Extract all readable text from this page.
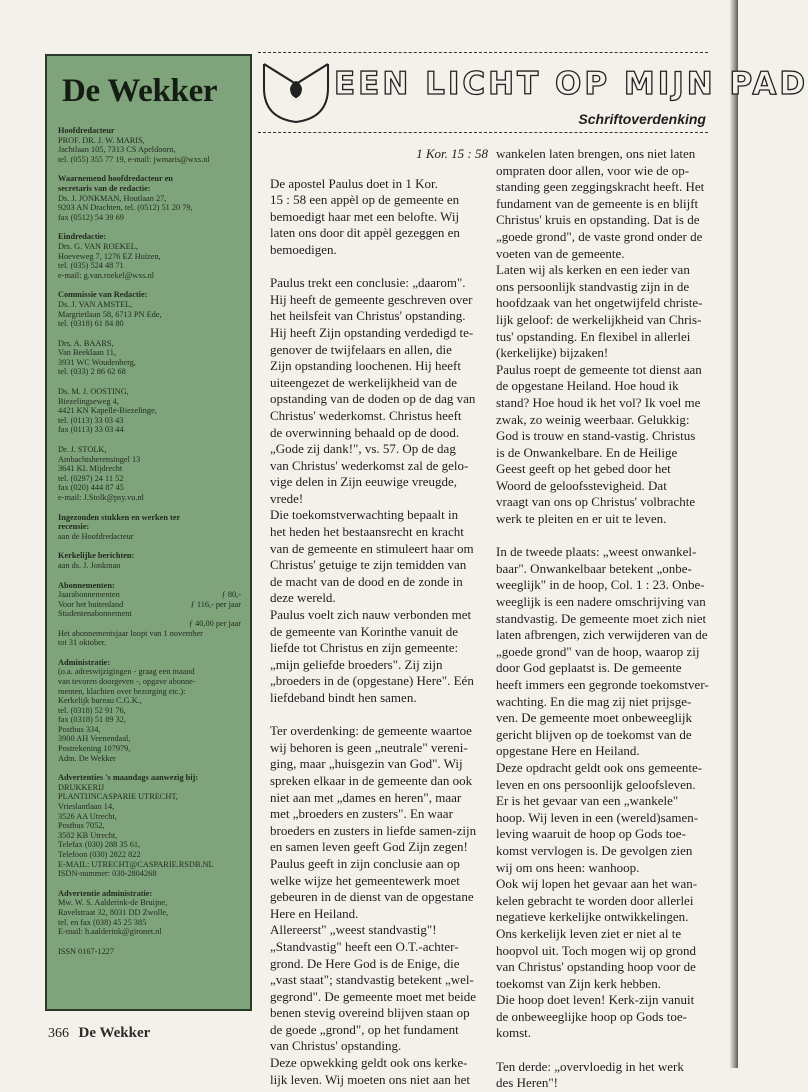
De Wekker
Hoofdredacteur
PROF. DR. J. W. MARIS,
Jachtlaan 105, 7313 CS Apeldoorn,
tel. (055) 355 77 19, e-mail: jwmaris@wxs.nl
Waarnemend hoofdredacteur en
secretaris van de redactie:
Ds. J. JONKMAN, Houtlaan 27,
9203 AN Drachten, tel. (0512) 51 20 79,
fax (0512) 54 39 69
Eindredactie:
Drs. G. VAN ROEKEL,
Hoeveweg 7, 1276 EZ Huizen,
tel. (035) 524 48 71
e-mail: g.van.roekel@wxs.nl
Commissie van Redactie:
Ds. J. VAN AMSTEL,
Margrietlaan 58, 6713 PN Ede,
tel. (0318) 61 84 80
Drs. A. BAARS,
Van Beeklaan 11,
3931 WC Woudenberg,
tel. (033) 2 86 62 68
Ds. M. J. OOSTING,
Biezelingseweg 4,
4421 KN Kapelle-Biezelinge,
tel. (0113) 33 03 43
fax (0113) 33 03 44
Dr. J. STOLK,
Ambachtsherensingel 13
3641 KL Mijdrecht
tel. (0297) 24 11 52
fax (020) 444 87 45
e-mail: J.Stolk@psy.vu.nl
Ingezonden stukken en werken ter
recensie:
aan de Hoofdredacteur
Kerkelijke berichten:
aan ds. J. Jonkman
Abonnementen:
Jaarabonnementen	ƒ 80,-
Voor het buitenland	ƒ 116,- per jaar
Studentenabonnement
ƒ 40,00 per jaar
Het abonnementsjaar loopt van 1 november
tot 31 oktober.
Administratie:
(o.a. adreswijzigingen - graag een maand
van tevoren doorgeven -, opgave abonne-
menten, klachten over bezorging etc.):
Kerkelijk bureau C.G.K.,
tel. (0318) 52 91 76,
fax (0318) 51 89 32,
Postbus 334,
3900 AH Veenendaal,
Postrekening 107979,
Adm. De Wekker
Advertenties 's maandags aanwezig bij:
DRUKKERIJ
PLANTIJNCASPARIE UTRECHT,
Vrieslantlaan 14,
3526 AA Utrecht,
Postbus 7052,
3502 KB Utrecht,
Telefax (030) 288 35 61,
Telefoon (030) 2822 822
E-MAIL: UTRECHT@CASPARIE.RSDB.NL
ISDN-nummer: 030-2804268
Advertentie administratie:
Mw. W. S. Aalderink-de Bruijne,
Ravelstraat 32, 8031 DD Zwolle,
tel. en fax (038) 45 25 385
E-mail: h.aalderink@gironet.nl
ISSN 0167-1227
EEN LICHT OP MIJN PAD
Schriftoverdenking
1 Kor. 15 : 58
De apostel Paulus doet in 1 Kor.
15 : 58 een appèl op de gemeente en
bemoedigt haar met een belofte. Wij
laten ons door dit appèl gezeggen en
bemoedigen.
Paulus trekt een conclusie: „daarom".
Hij heeft de gemeente geschreven over
het heilsfeit van Christus' opstanding.
Hij heeft Zijn opstanding verdedigd te-
genover de twijfelaars en allen, die
Zijn opstanding loochenen. Hij heeft
uiteengezet de werkelijkheid van de
opstanding van de doden op de dag van
Christus' wederkomst. Christus heeft
de overwinning behaald op de dood.
„Gode zij dank!", vs. 57. Op de dag
van Christus' wederkomst zal de gelo-
vige delen in Zijn eeuwige vreugde,
vrede!
Die toekomstverwachting bepaalt in
het heden het bestaansrecht en kracht
van de gemeente en stimuleert haar om
Christus' getuige te zijn temidden van
de macht van de dood en de zonde in
deze wereld.
Paulus voelt zich nauw verbonden met
de gemeente van Korinthe vanuit de
liefde tot Christus en zijn gemeente:
„mijn geliefde broeders". Zij zijn
„broeders in de (opgestane) Here". Eén
liefdeband bindt hen samen.
Ter overdenking: de gemeente waartoe
wij behoren is geen „neutrale" vereni-
ging, maar „huisgezin van God". Wij
spreken elkaar in de gemeente dan ook
niet aan met „dames en heren", maar
met „broeders en zusters". En waar
broeders en zusters in liefde samen-zijn
en samen leven geeft God Zijn zegen!
Paulus geeft in zijn conclusie aan op
welke wijze het gemeentewerk moet
gebeuren in de dienst van de opgestane
Here en Heiland.
Allereerst" „weest standvastig"!
„Standvastig" heeft een O.T.-achter-
grond. De Here God is de Enige, die
„vast staat"; standvastig betekent „wel-
gegrond". De gemeente moet met beide
benen stevig overeind blijven staan op
de goede „grond", op het fundament
van Christus' opstanding.
Deze opwekking geldt ook ons kerke-
lijk leven. Wij moeten ons niet aan het
wankelen laten brengen, ons niet laten
ompraten door allen, voor wie de op-
standing geen zeggingskracht heeft. Het
fundament van de gemeente is en blijft
Christus' kruis en opstanding. Dat is de
„goede grond", de vaste grond onder de
voeten van de gemeente.
Laten wij als kerken en een ieder van
ons persoonlijk standvastig zijn in de
hoofdzaak van het ongetwijfeld christe-
lijk geloof: de werkelijkheid van Chris-
tus' opstanding. En flexibel in allerlei
(kerkelijke) bijzaken!
Paulus roept de gemeente tot dienst aan
de opgestane Heiland. Hoe houd ik
stand? Hoe houd ik het vol? Ik voel me
zwak, zo weinig weerbaar. Gelukkig:
God is trouw en stand-vastig. Christus
is de Onwankelbare. En de Heilige
Geest geeft op het gebed door het
Woord de geloofsstevigheid. Dat
vraagt van ons op Christus' volbrachte
werk te pleiten en er uit te leven.
In de tweede plaats: „weest onwankel-
baar". Onwankelbaar betekent „onbe-
weeglijk" in de hoop, Col. 1 : 23. Onbe-
weeglijk is een nadere omschrijving van
standvastig. De gemeente moet zich niet
laten afbrengen, zich verwijderen van de
„goede grond" van de hoop, waarop zij
door God geplaatst is. De gemeente
heeft immers een gegronde toekomstver-
wachting. En die mag zij niet prijsge-
ven. De gemeente moet onbeweeglijk
gericht blijven op de toekomst van de
opgestane Here en Heiland.
Deze opdracht geldt ook ons gemeente-
leven en ons persoonlijk geloofsleven.
Er is het gevaar van een „wankele"
hoop. Wij leven in een (wereld)samen-
leving waaruit de hoop op Gods toe-
komst vervlogen is. De gevolgen zien
wij om ons heen: wanhoop.
Ook wij lopen het gevaar aan het wan-
kelen gebracht te worden door allerlei
negatieve kerkelijke ontwikkelingen.
Ons kerkelijk leven ziet er niet al te
hoopvol uit. Toch mogen wij op grond
van Christus' opstanding hoop voor de
toekomst van Zijn kerk hebben.
Die hoop doet leven! Kerk-zijn vanuit
de onbeweeglijke hoop op Gods toe-
komst.
Ten derde: „overvloedig in het werk
des Heren"!
366 De Wekker
